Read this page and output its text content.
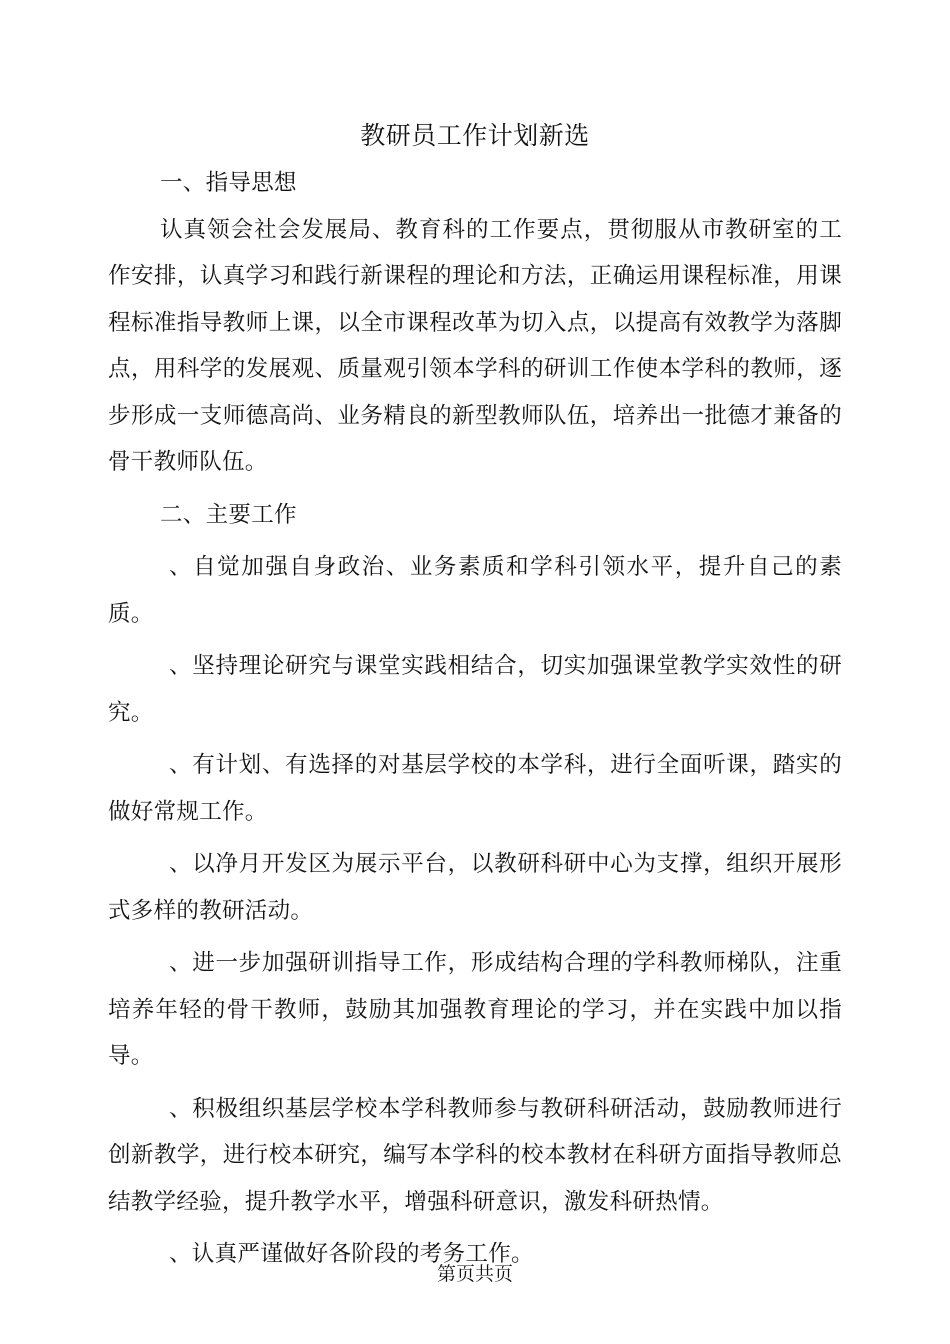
教研员工作计划新选

一、指导思想

认真领会社会发展局、教育科的工作要点，贯彻服从市教研室的工作安排，认真学习和践行新课程的理论和方法，正确运用课程标准，用课程标准指导教师上课，以全市课程改革为切入点，以提高有效教学为落脚点，用科学的发展观、质量观引领本学科的研训工作使本学科的教师，逐步形成一支师德高尚、业务精良的新型教师队伍，培养出一批德才兼备的骨干教师队伍。

二、主要工作

、自觉加强自身政治、业务素质和学科引领水平，提升自己的素质。

、坚持理论研究与课堂实践相结合，切实加强课堂教学实效性的研究。

、有计划、有选择的对基层学校的本学科，进行全面听课，踏实的做好常规工作。

、以净月开发区为展示平台，以教研科研中心为支撑，组织开展形式多样的教研活动。

、进一步加强研训指导工作，形成结构合理的学科教师梯队，注重培养年轻的骨干教师，鼓励其加强教育理论的学习，并在实践中加以指导。

、积极组织基层学校本学科教师参与教研科研活动，鼓励教师进行创新教学，进行校本研究，编写本学科的校本教材在科研方面指导教师总结教学经验，提升教学水平，增强科研意识，激发科研热情。

、认真严谨做好各阶段的考务工作。

第页共页
